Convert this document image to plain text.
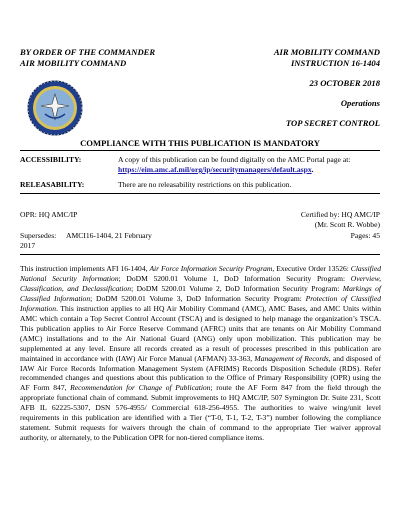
BY ORDER OF THE COMMANDER
AIR MOBILITY COMMAND
AIR MOBILITY COMMAND
INSTRUCTION 16-1404
23 OCTOBER 2018
Operations
TOP SECRET CONTROL
COMPLIANCE WITH THIS PUBLICATION IS MANDATORY
ACCESSIBILITY:	A copy of this publication can be found digitally on the AMC Portal page at:
https://eim.amc.af.mil/org/ip/securitymanagers/default.aspx.
RELEASABILITY:	There are no releasability restrictions on this publication.
OPR: HQ AMC/IP	Certified by: HQ AMC/IP
(Mr. Scott R. Wobbe)
Supersedes: AMCI16-1404, 21 February
2017
Pages: 45
This instruction implements AFI 16-1404, Air Force Information Security Program, Executive Order 13526: Classified National Security Information; DoDM 5200.01 Volume 1, DoD Information Security Program: Overview, Classification, and Declassification; DoDM 5200.01 Volume 2, DoD Information Security Program: Markings of Classified Information; DoDM 5200.01 Volume 3, DoD Information Security Program: Protection of Classified Information. This instruction applies to all HQ Air Mobility Command (AMC), AMC Bases, and AMC Units within AMC which contain a Top Secret Control Account (TSCA) and is designed to help manage the organization’s TSCA. This publication applies to Air Force Reserve Command (AFRC) units that are tenants on Air Mobility Command (AMC) installations and to the Air National Guard (ANG) only upon mobilization. This publication may be supplemented at any level. Ensure all records created as a result of processes prescribed in this publication are maintained in accordance with (IAW) Air Force Manual (AFMAN) 33-363, Management of Records, and disposed of IAW Air Force Records Information Management System (AFRIMS) Records Disposition Schedule (RDS). Refer recommended changes and questions about this publication to the Office of Primary Responsibility (OPR) using the AF Form 847, Recommendation for Change of Publication; route the AF Form 847 from the field through the appropriate functional chain of command. Submit improvements to HQ AMC/IP, 507 Symington Dr. Suite 231, Scott AFB IL 62225-5307, DSN 576-4955/ Commercial 618-256-4955. The authorities to waive wing/unit level requirements in this publication are identified with a Tier (“T-0, T-1, T-2, T-3”) number following the compliance statement. Submit requests for waivers through the chain of command to the appropriate Tier waiver approval authority, or alternately, to the Publication OPR for non-tiered compliance items.
